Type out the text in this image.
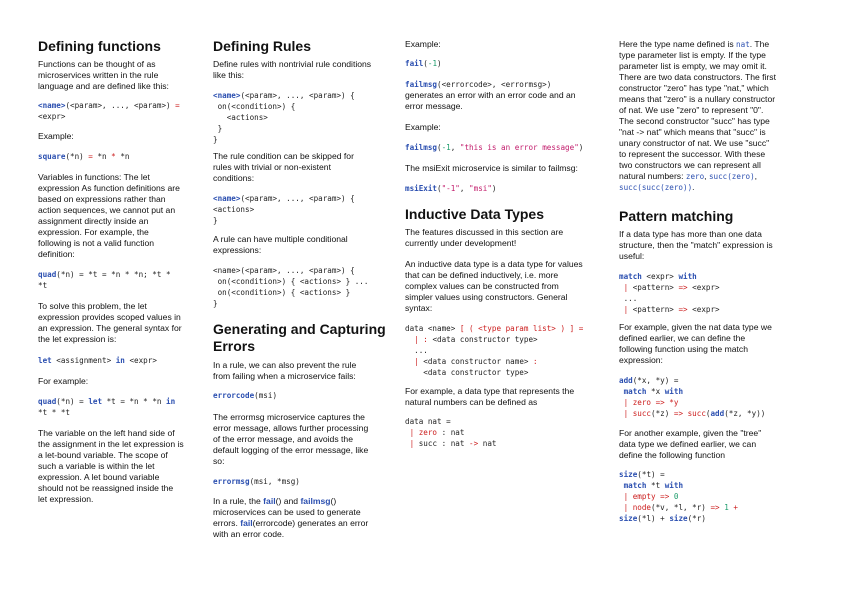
Defining functions

Functions can be thought of as

microservices written in the rule

language and are defined like this:

<name>(<param>, ..., <param>) =
<expr>

Example:

square(*n) = *n * *n

Variables in functions: The let

expression As function definitions are

based on expressions rather than

action sequences, we cannot put an

assignment directly inside an

expression. For example, the

following is not a valid function

definition:

quad(*n) = *t = *n * *n; *t *
*t

To solve this problem, the let

expression provides scoped values in

an expression. The general syntax for

the let expression is:

let <assignment> in <expr>

For example:

quad(*n) = let *t = *n * *n in
*t * *t

The variable on the left hand side of

the assignment in the let expression is

a let-bound variable. The scope of

such a variable is within the let

expression. A let bound variable

should not be reassigned inside the

let expression.

Defining Rules

Define rules with nontrivial rule conditions

like this:

<name>(<param>, ..., <param>) {
on(<condition>) {
<actions>
}
}

The rule condition can be skipped for

rules with trivial or non-existent

conditions:

<name>(<param>, ..., <param>) {
<actions>
}

A rule can have multiple conditional

expressions:

<name>(<param>, ..., <param>) {
on(<condition>) { <actions> } ...
on(<condition>) { <actions> }
}
Generating and Capturing
Errors

In a rule, we can also prevent the rule

from failing when a microservice fails:

errorcode(msi)

The errormsg microservice captures the

error message, allows further processing

of the error message, and avoids the

default logging of the error message, like

so:

errormsg(msi, *msg)

In a rule, the fail() and failmsg()

microservices can be used to generate

errors. fail(errorcode) generates an error

with an error code.

Example:

fail(-1)
failmsg(<errorcode>, <errormsg>)

generates an error with an error code and an

error message.

Example:

failmsg(-1, "this is an error message")

The msiExit microservice is similar to failmsg:

msiExit("-1", "msi")
Inductive Data Types

The features discussed in this section are

currently under development!

An inductive data type is a data type for values

that can be defined inductively, i.e. more

complex values can be constructed from

simpler values using constructors. General

syntax:

data <name> [ ( <type param list> ) ] =
| : <data constructor type>
...
| <data constructor name> :
<data constructor type>

For example, a data type that represents the

natural numbers can be defined as

data nat =
| zero : nat
| succ : nat -> nat

Here the type name defined is nat. The

type parameter list is empty. If the type

parameter list is empty, we may omit it.

There are two data constructors. The first

constructor "zero" has type "nat," which

means that "zero" is a nullary constructor

of nat. We use "zero" to represent "0".

The second constructor "succ" has type

"nat -> nat" which means that "succ" is

unary constructor of nat. We use "succ"

to represent the successor. With these

two constructors we can represent all

natural numbers: zero, succ(zero),

succ(succ(zero)).

Pattern matching

If a data type has more than one data

structure, then the "match" expression is

useful:

match <expr> with
| <pattern> => <expr>
...
| <pattern> => <expr>

For example, given the nat data type we

defined earlier, we can define the

following function using the match

expression:

add(*x, *y) =
match *x with
| zero => *y
| succ(*z) => succ(add(*z, *y))

For another example, given the "tree"

data type we defined earlier, we can

define the following function

size(*t) =
match *t with
| empty => 0
| node(*v, *l, *r) => 1 +
size(*l) + size(*r)
